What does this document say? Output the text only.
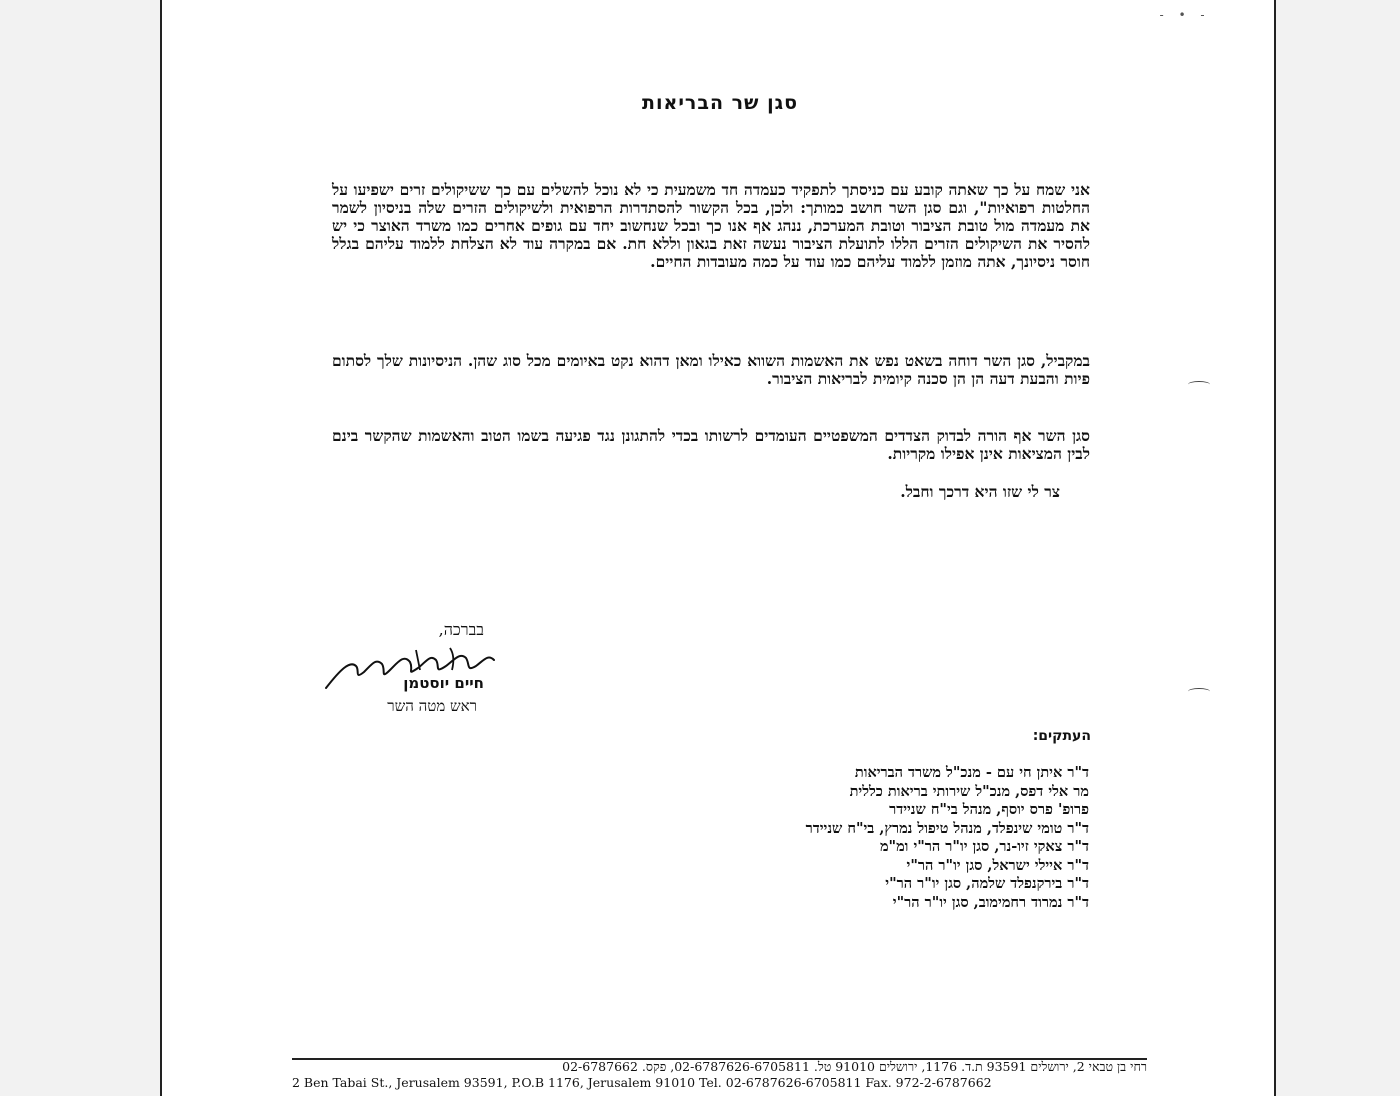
- • -
סגן שר הבריאות
אני שמח על כך שאתה קובע עם כניסתך לתפקיד כעמדה חד משמעית כי לא נוכל להשלים עם כך ששיקולים זרים ישפיעו על החלטות רפואיות", וגם סגן השר חושב כמותך: ולכן, בכל הקשור להסתדרות הרפואית ולשיקולים הזרים שלה בניסיון לשמר את מעמדה מול טובת הציבור וטובת המערכת, ננהג אף אנו כך ובכל שנחשוב יחד עם גופים אחרים כמו משרד האוצר כי יש להסיר את השיקולים הזרים הללו לתועלת הציבור נעשה זאת בגאון וללא חת. אם במקרה עוד לא הצלחת ללמוד עליהם בגלל חוסר ניסיונך, אתה מוזמן ללמוד עליהם כמו עוד על כמה מעובדות החיים.
במקביל, סגן השר דוחה בשאט נפש את האשמות השווא כאילו ומאן דהוא נקט באיומים מכל סוג שהן. הניסיונות שלך לסתום פיות והבעת דעה הן הן סכנה קיומית לבריאות הציבור.
סגן השר אף הורה לבדוק הצדדים המשפטיים העומדים לרשותו בכדי להתגונן נגד פגיעה בשמו הטוב והאשמות שהקשר בינם לבין המציאות אינן אפילו מקריות.
צר לי שזו היא דרכך וחבל.
בברכה,
חיים יוסטמן
ראש מטה השר
העתקים:
ד"ר איתן חי עם - מנכ"ל משרד הבריאות
מר אלי דפס, מנכ"ל שירותי בריאות כללית
פרופ' פרס יוסף, מנהל בי"ח שניידר
ד"ר טומי שינפלד, מנהל טיפול נמרץ, בי"ח שניידר
ד"ר צאקי זיו-נר, סגן יו"ר הר"י ומ"מ
ד"ר איילי ישראל, סגן יו"ר הר"י
ד"ר בירקנפלד שלמה, סגן יו"ר הר"י
ד"ר נמרוד רחמימוב, סגן יו"ר הר"י
רחי בן טבאי 2, ירושלים 93591 ת.ד. 1176, ירושלים 91010 טל. 02-6787626-6705811, פקס. 02-6787662
2 Ben Tabai St., Jerusalem 93591, P.O.B 1176, Jerusalem 91010 Tel. 02-6787626-6705811 Fax. 972-2-6787662
